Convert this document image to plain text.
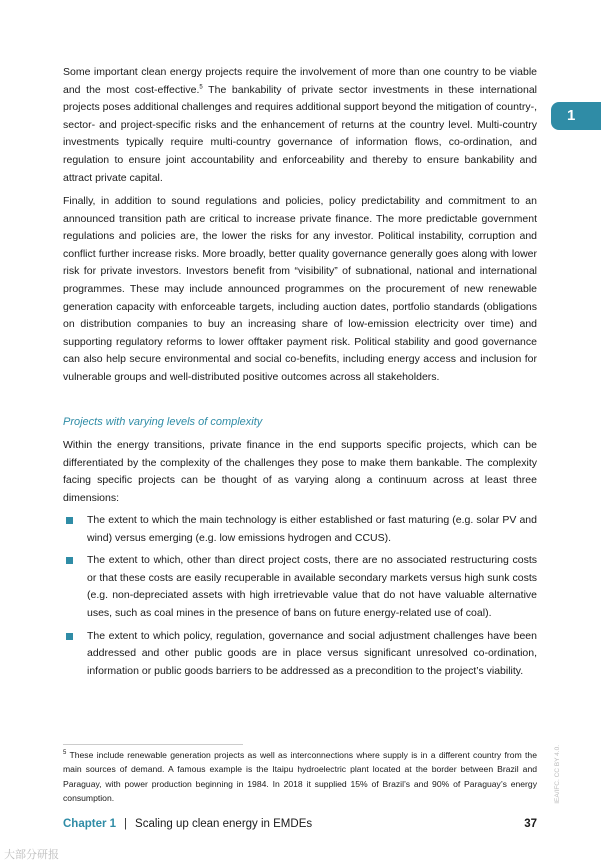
1

Some important clean energy projects require the involvement of more than one country to be viable and the most cost-effective.$^5$ The bankability of private sector investments in these international projects poses additional challenges and requires additional support beyond the mitigation of country-, sector- and project-specific risks and the enhancement of returns at the country level. Multi-country investments typically require multi-country governance of information flows, co-ordination, and regulation to ensure joint accountability and enforceability and thereby to ensure bankability and attract private capital.

Finally, in addition to sound regulations and policies, policy predictability and commitment to an announced transition path are critical to increase private finance. The more predictable government regulations and policies are, the lower the risks for any investor. Political instability, corruption and conflict further increase risks. More broadly, better quality governance generally goes along with lower risk for private investors. Investors benefit from “visibility” of subnational, national and international programmes. These may include announced programmes on the procurement of new renewable generation capacity with enforceable targets, including auction dates, portfolio standards (obligations on distribution companies to buy an increasing share of low-emission electricity over time) and supporting regulatory reforms to lower offtaker payment risk. Political stability and good governance can also help secure environmental and social co-benefits, including energy access and inclusion for vulnerable groups and well-distributed positive outcomes across all stakeholders.

Projects with varying levels of complexity

Within the energy transitions, private finance in the end supports specific projects, which can be differentiated by the complexity of the challenges they pose to make them bankable. The complexity facing specific projects can be thought of as varying along a continuum across at least three dimensions:

The extent to which the main technology is either established or fast maturing (e.g. solar PV and wind) versus emerging (e.g. low emissions hydrogen and CCUS).
The extent to which, other than direct project costs, there are no associated restructuring costs or that these costs are easily recuperable in available secondary markets versus high sunk costs (e.g. non-depreciated assets with high irretrievable value that do not have valuable alternative uses, such as coal mines in the presence of bans on future energy-related use of coal).
The extent to which policy, regulation, governance and social adjustment challenges have been addressed and other public goods are in place versus significant unresolved co-ordination, information or public goods barriers to be addressed as a precondition to the project’s viability.

$^5$ These include renewable generation projects as well as interconnections where supply is in a different country from the main sources of demand. A famous example is the Itaipu hydroelectric plant located at the border between Brazil and Paraguay, with power production beginning in 1984. In 2018 it supplied 15% of Brazil’s and 90% of Paraguay’s energy consumption.

Chapter 1 | Scaling up clean energy in EMDEs	37
IEA/IFC. CC BY 4.0.
大部分研报
